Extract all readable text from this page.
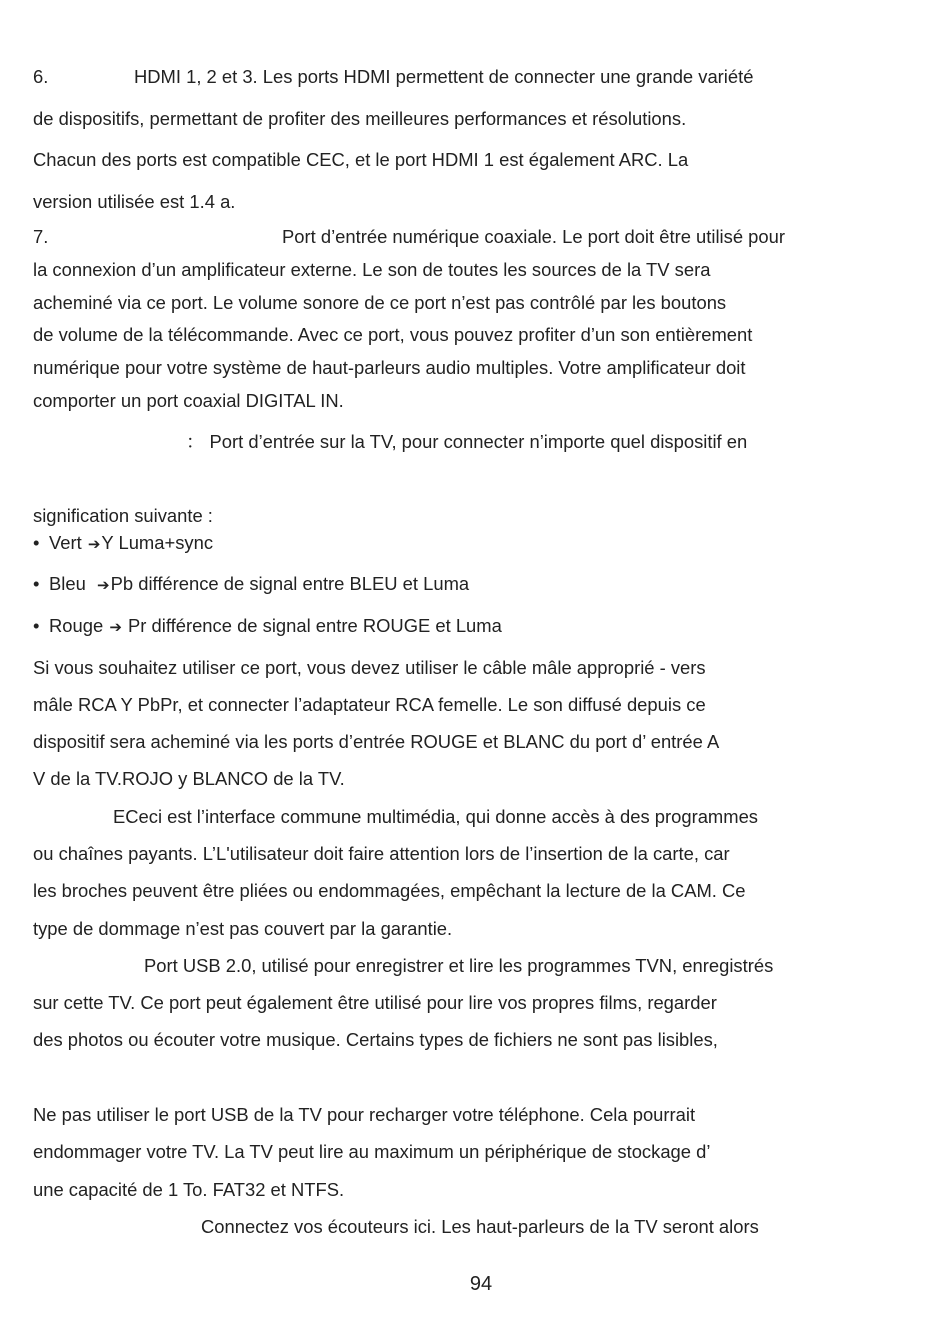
6.	HDMI 1, 2 et 3. Les ports HDMI permettent de connecter une grande variété
de dispositifs, permettant de profiter des meilleures performances et résolutions.
Chacun des ports est compatible CEC, et le port HDMI 1 est également ARC. La
version utilisée est 1.4 a.
7.	Port d’entrée numérique coaxiale. Le port doit être utilisé pour
la connexion d’un amplificateur externe. Le son de toutes les sources de la TV sera
acheminé via ce port. Le volume sonore de ce port n’est pas contrôlé par les boutons
de volume de la télécommande. Avec ce port, vous pouvez profiter d’un son entièrement
numérique pour votre système de haut-parleurs audio multiples. Votre amplificateur doit
comporter un port coaxial DIGITAL IN.
： Port d’entrée sur la TV, pour connecter n’importe quel dispositif en
signification suivante :
• Vert ➔Y Luma+sync
• Bleu ➔Pb différence de signal entre BLEU et Luma
• Rouge ➔ Pr différence de signal entre ROUGE et Luma
Si vous souhaitez utiliser ce port, vous devez utiliser le câble mâle approprié - vers
mâle RCA Y PbPr, et connecter l’adaptateur RCA femelle. Le son diffusé depuis ce
dispositif sera acheminé via les ports d’entrée ROUGE et BLANC du port d’ entrée A
V de la TV.ROJO y BLANCO de la TV.
ECeci est l’interface commune multimédia, qui donne accès à des programmes
ou chaînes payants. L’L'utilisateur doit faire attention lors de l’insertion de la carte, car
les broches peuvent être pliées ou endommagées, empêchant la lecture de la CAM. Ce
type de dommage n’est pas couvert par la garantie.
Port USB 2.0, utilisé pour enregistrer et lire les programmes TVN, enregistrés
sur cette TV. Ce port peut également être utilisé pour lire vos propres films, regarder
des photos ou écouter votre musique. Certains types de fichiers ne sont pas lisibles,
Ne pas utiliser le port USB de la TV pour recharger votre téléphone. Cela pourrait
endommager votre TV. La TV peut lire au maximum un périphérique de stockage d’
une capacité de 1 To. FAT32 et NTFS.
Connectez vos écouteurs ici. Les haut-parleurs de la TV seront alors
94
